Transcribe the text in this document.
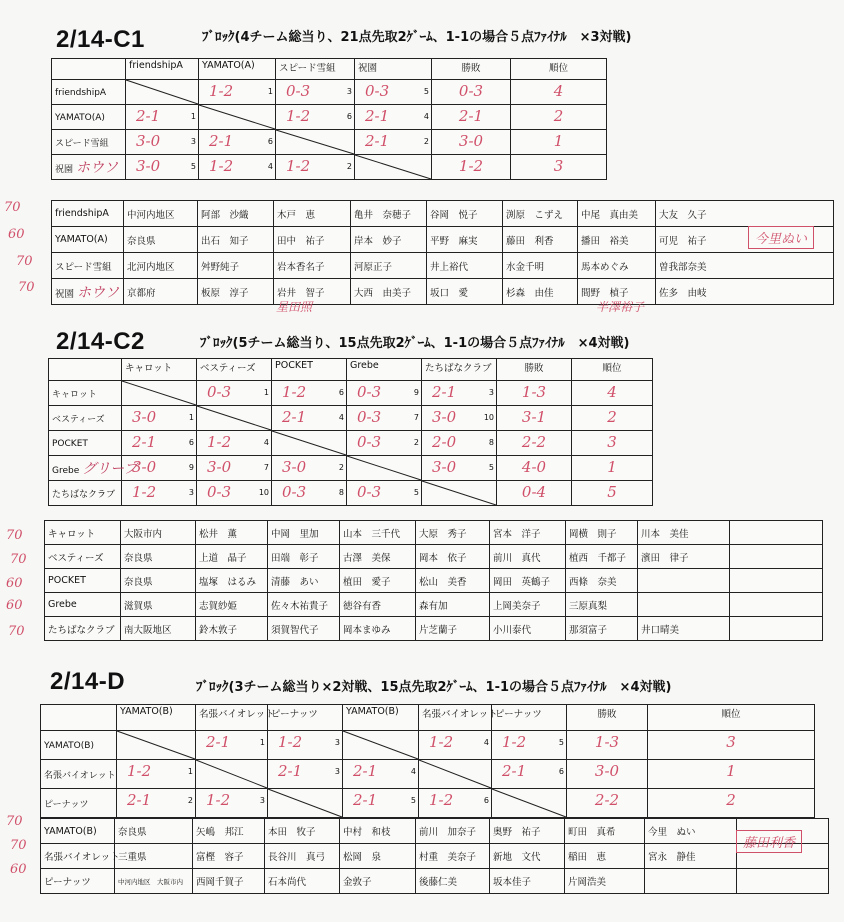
2/14-C1	ﾌﾞﾛｯｸ(4チーム総当り、21点先取2ｹﾞｰﾑ、1-1の場合５点ﾌｧｲﾅﾙ　×3対戦)
	friendshipA	YAMATO(A)	スピード雪組	祝園	勝敗	順位
friendshipA		1-2 1	0-3 3	0-3 5	0-3	4

YAMATO(A)	2-1 1		1-2 6	2-1 4	2-1	2

スピード雪組	3-0 3	2-1 6		2-1 2	3-0	1

祝園 ホウソ	3-0 5	1-2 4	1-2 2		1-2	3
friendshipA	中河内地区	阿部　沙織	木戸　恵	亀井　奈穂子	谷岡　悦子	渕原　こずえ	中尾　真由美	大友　久子
YAMATO(A)	奈良県	出石　知子	田中　祐子	岸本　妙子	平野　麻実	藤田　利香	播田　裕美	可児　祐子
スピード雪組	北河内地区	舛野純子	岩本香名子	河原正子	井上裕代	水金千明	馬本めぐみ	曽我部奈美
祝園 ホウソ	京都府	板原　淳子	岩井　智子	大西　由美子	坂口　愛	杉森　由佳	間野　楨子	佐多　由岐
70
60
70
70
今里ぬい
星田照	半澤裕子
2/14-C2	ﾌﾞﾛｯｸ(5チーム総当り、15点先取2ｹﾞｰﾑ、1-1の場合５点ﾌｧｲﾅﾙ　×4対戦)
	キャロット	ベスティーズ	POCKET	Grebe	たちばなクラブ	勝敗	順位
キャロット		0-3 1	1-2 6	0-3 9	2-1 3	1-3	4

ベスティーズ	3-0 1		2-1 4	0-3 7	3-0 10	3-1	2

POCKET	2-1 6	1-2 4		0-3 2	2-0 8	2-2	3

Grebe グリーブ	3-0 9	3-0 7	3-0 2		3-0 5	4-0	1

たちばなクラブ	1-2 3	0-3 10	0-3 8	0-3 5		0-4	5
キャロット	大阪市内	松井　薫	中岡　里加	山本　三千代	大原　秀子	宮本　洋子	岡横　則子	川本　美佳	
ベスティーズ	奈良県	上道　晶子	田端　彰子	古澤　美保	岡本　依子	前川　真代	植西　千都子	濱田　律子	
POCKET	奈良県	塩塚　はるみ	清藤　あい	植田　愛子	松山　美香	岡田　英鶴子	西條　奈美		
Grebe	滋賀県	志賀紗姫	佐々木祐貴子	徳谷有香	森有加	上岡美奈子	三原真梨		
たちばなクラブ	南大阪地区	鈴木敦子	須賀智代子	岡本まゆみ	片芝蘭子	小川泰代	那須富子	井口晴美	
70
70
60
60
70
2/14-D	ﾌﾞﾛｯｸ(3チーム総当り×2対戦、15点先取2ｹﾞｰﾑ、1-1の場合５点ﾌｧｲﾅﾙ　×4対戦)
	YAMATO(B)	名張バイオレット	ピーナッツ	YAMATO(B)	名張バイオレット	ピーナッツ	勝敗	順位
YAMATO(B)		2-1 1	1-2 3		1-2 4	1-2 5	1-3	3

名張バイオレット	1-2 1		2-1 3	2-1 4		2-1 6	3-0	1

ピーナッツ	2-1 2	1-2 3		2-1 5	1-2 6		2-2	2
YAMATO(B)	奈良県	矢嶋　邦江	本田　牧子	中村　和枝	前川　加奈子	奥野　祐子	町田　真希	今里　ぬい	
名張バイオレット	三重県	富樫　容子	長谷川　真弓	松岡　泉	村重　美奈子	新地　文代	稲田　恵	宮永　静佳	
ピーナッツ	中河内地区　大阪市内	西岡千賀子	石本尚代	金敦子	後藤仁美	坂本佳子	片岡浩美		
70
70
60
藤田利香
